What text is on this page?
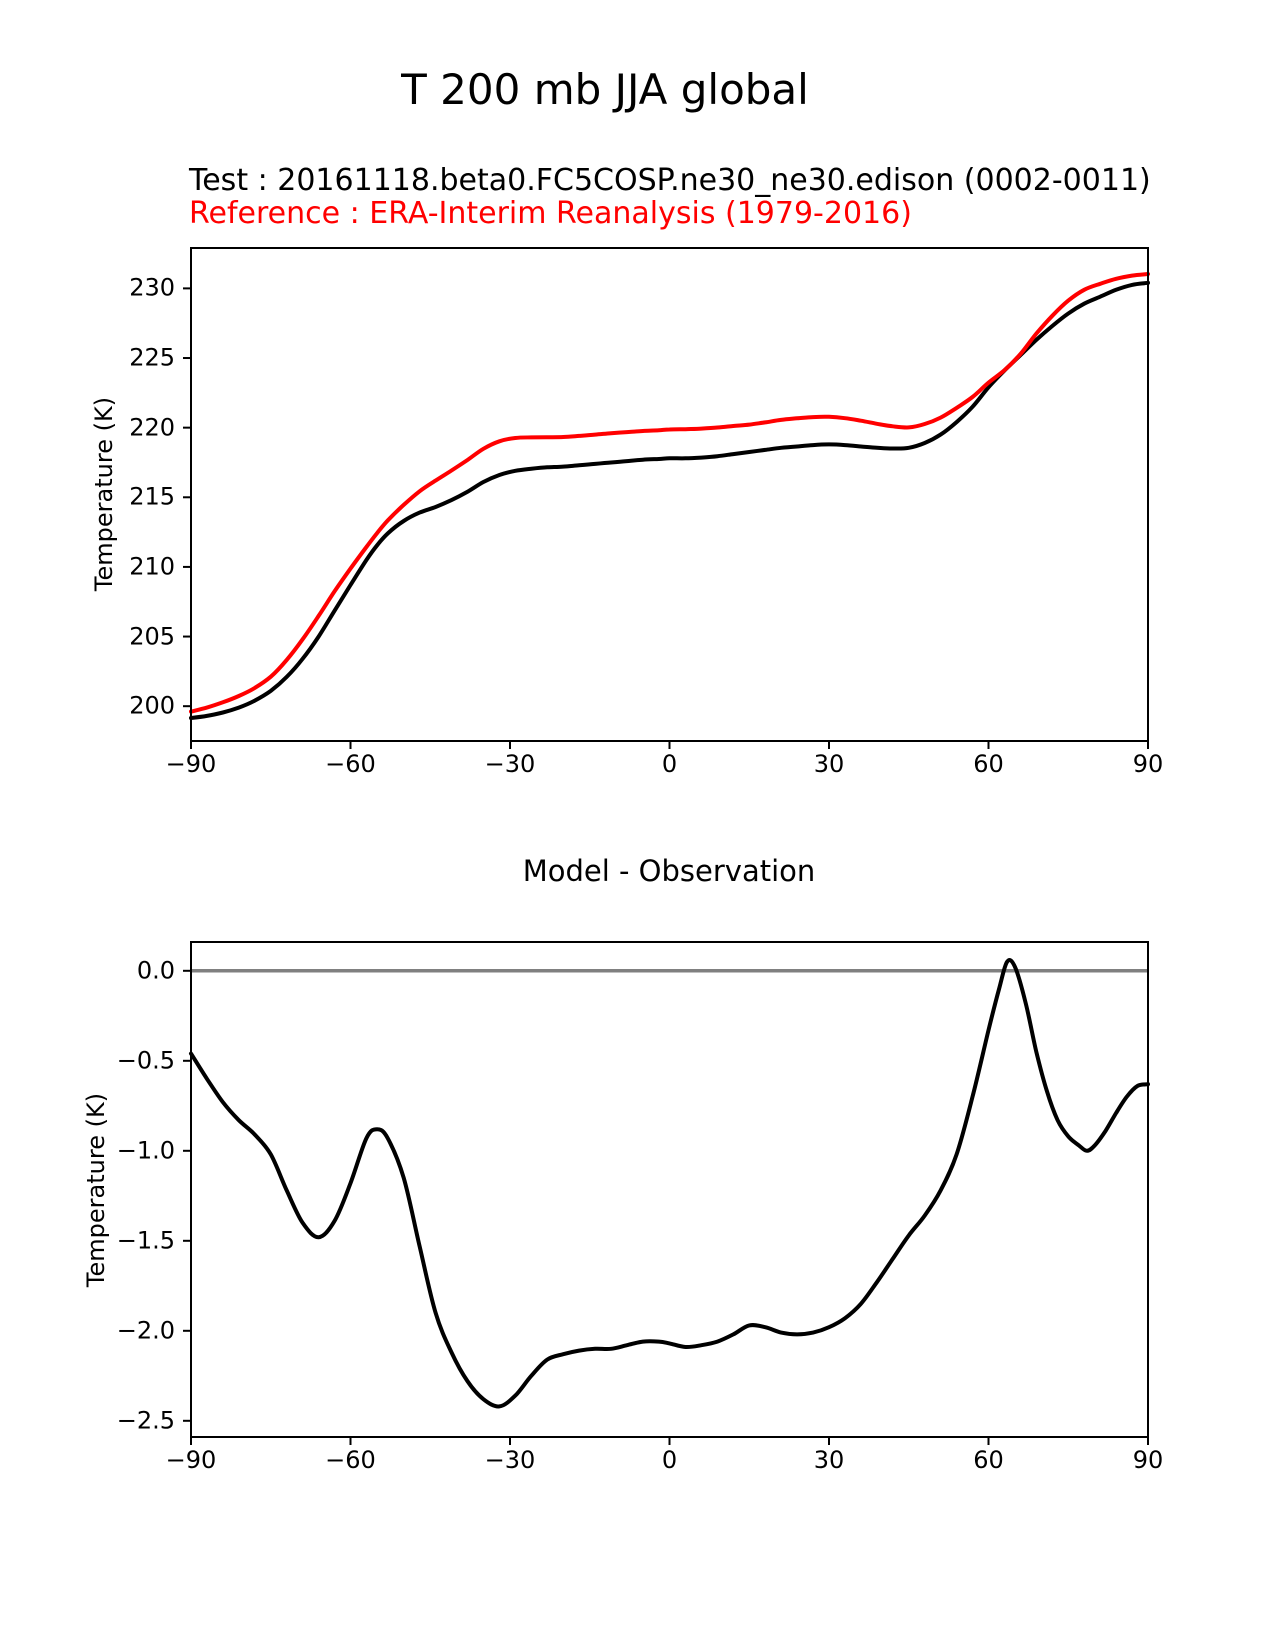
T 200 mb JJA global
Test : 20161118.beta0.FC5COSP.ne30_ne30.edison (0002-0011)
Reference : ERA-Interim Reanalysis (1979-2016)
Model - Observation
Temperature (K)
Temperature (K)
−90	−60	−30	0	30	60	90
200
205
210
215
220
225
230
−90	−60	−30	0	30	60	90
0.0
−0.5
−1.0
−1.5
−2.0
−2.5
